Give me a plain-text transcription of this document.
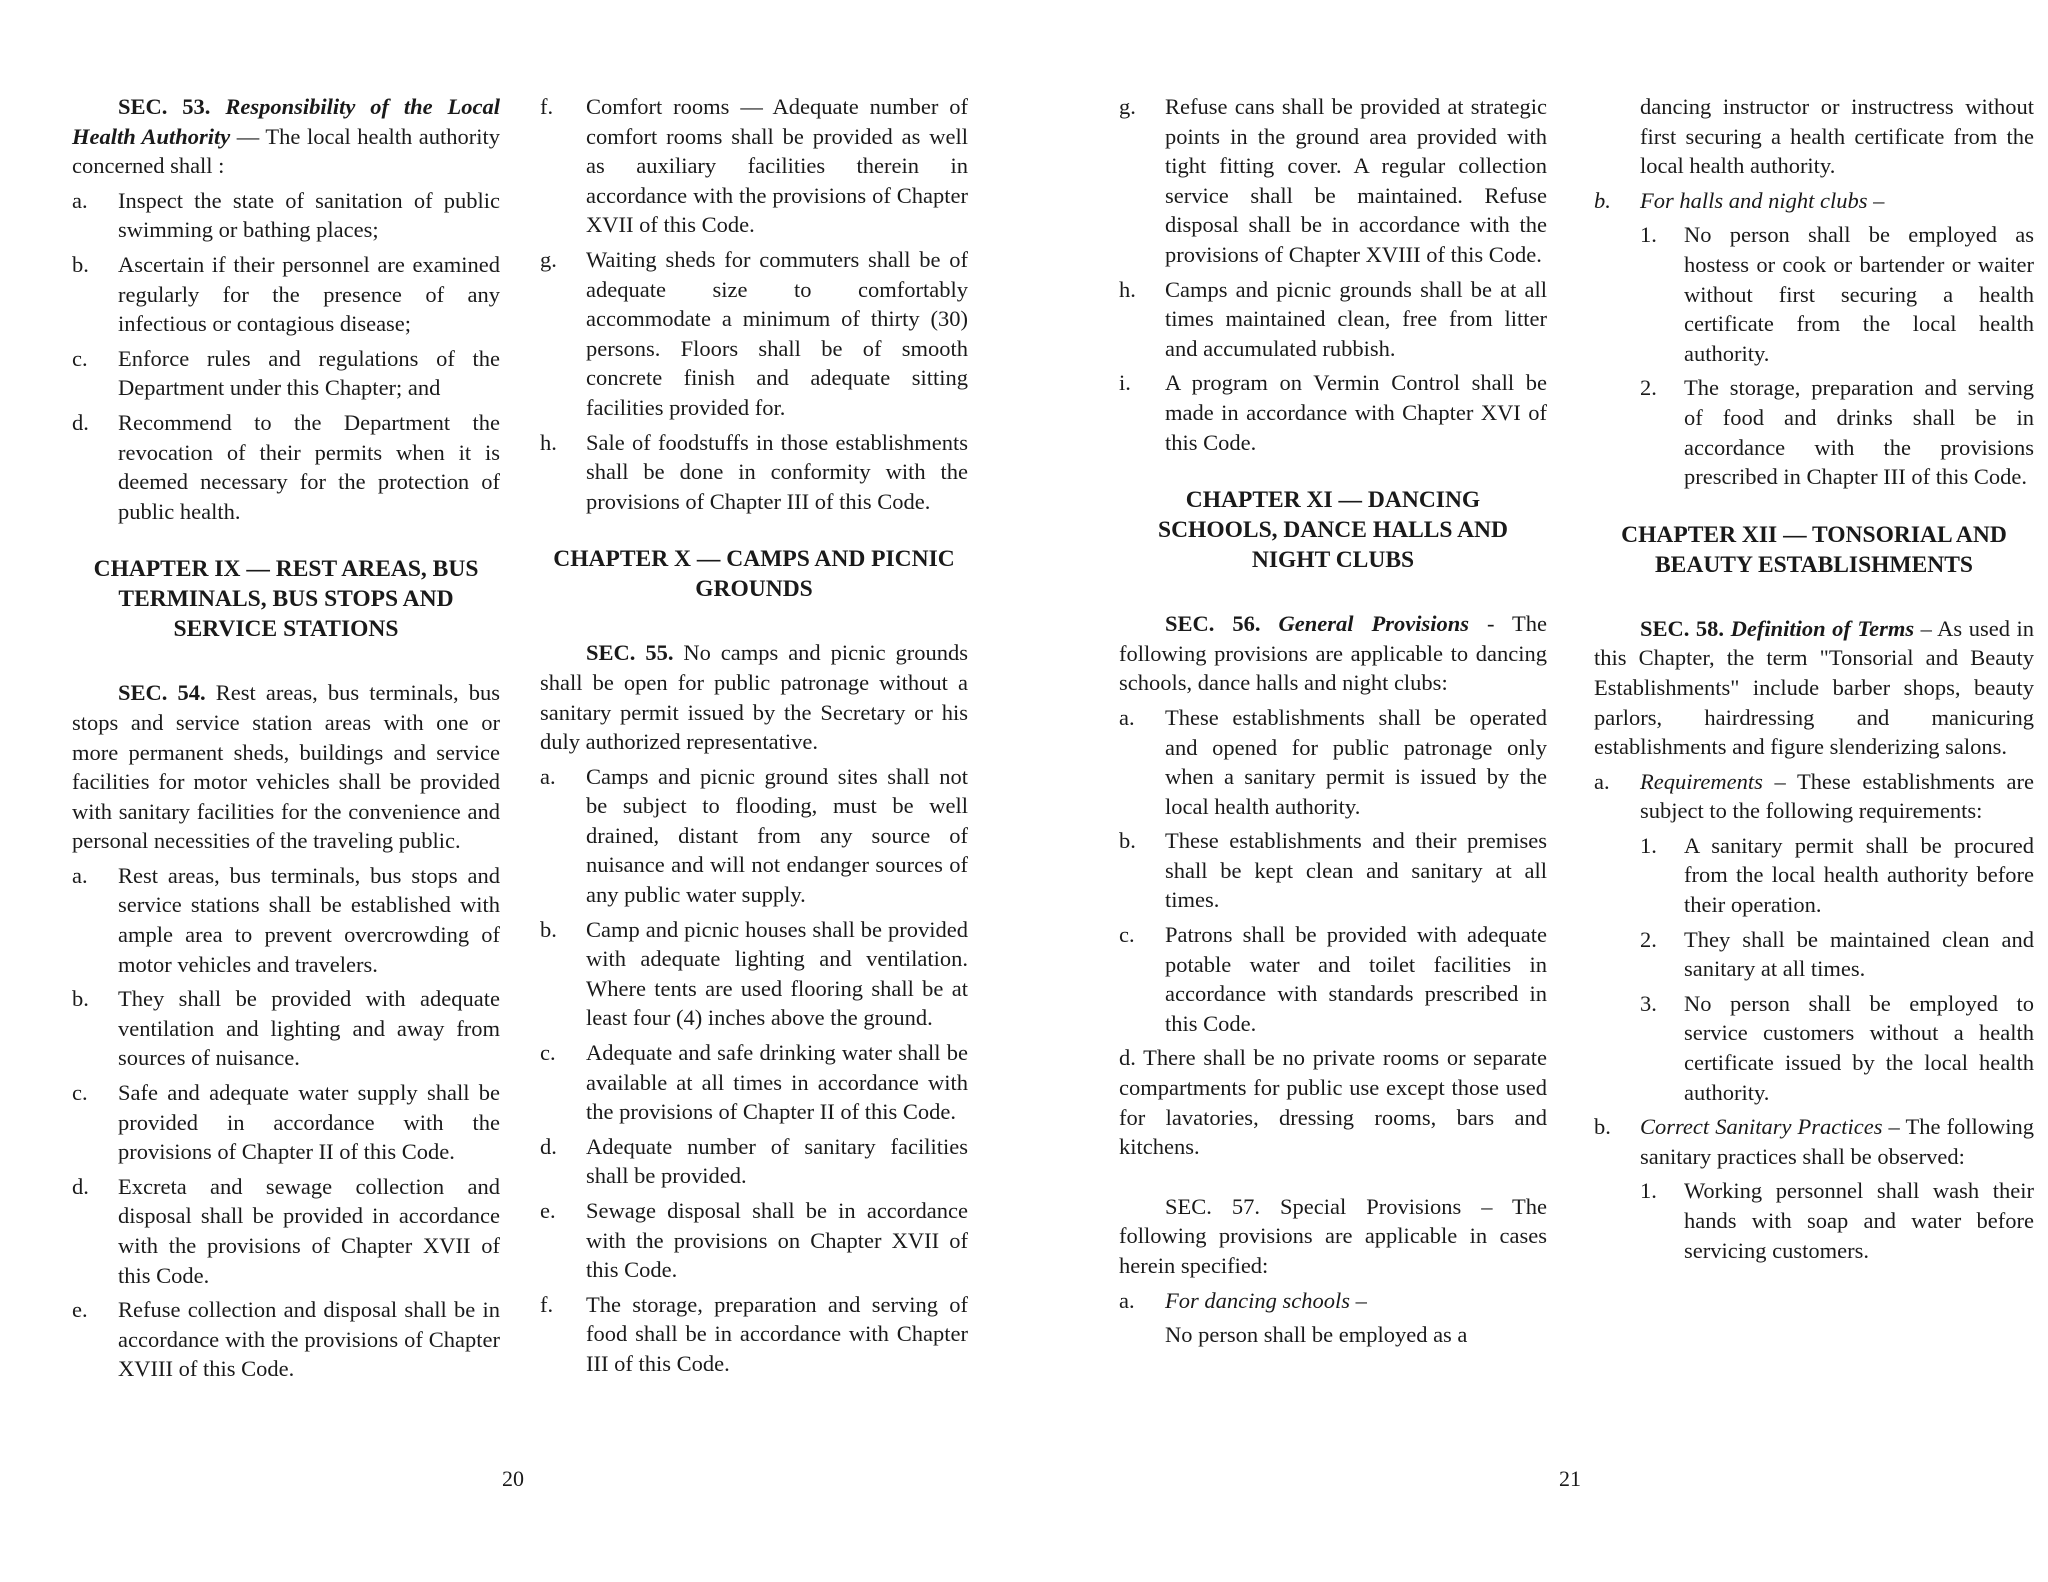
SEC. 53. Responsibility of the Local Health Authority — The local health authority concerned shall :

a.	Inspect the state of sanitation of public swimming or bathing places;
b.	Ascertain if their personnel are examined regularly for the presence of any infectious or contagious disease;
c.	Enforce rules and regulations of the Department under this Chapter; and
d.	Recommend to the Department the revocation of their permits when it is deemed necessary for the protection of public health.
CHAPTER IX — REST AREAS, BUS TERMINALS, BUS STOPS AND SERVICE STATIONS

SEC. 54. Rest areas, bus terminals, bus stops and service station areas with one or more permanent sheds, buildings and service facilities for motor vehicles shall be provided with sanitary facilities for the convenience and personal necessities of the traveling public.

a.	Rest areas, bus terminals, bus stops and service stations shall be established with ample area to prevent overcrowding of motor vehicles and travelers.
b.	They shall be provided with adequate ventilation and lighting and away from sources of nuisance.
c.	Safe and adequate water supply shall be provided in accordance with the provisions of Chapter II of this Code.
d.	Excreta and sewage collection and disposal shall be provided in accordance with the provisions of Chapter XVII of this Code.
e.	Refuse collection and disposal shall be in accordance with the provisions of Chapter XVIII of this Code.
f.	Comfort rooms — Adequate number of comfort rooms shall be provided as well as auxiliary facilities therein in accordance with the provisions of Chapter XVII of this Code.
g.	Waiting sheds for commuters shall be of adequate size to comfortably accommodate a minimum of thirty (30) persons. Floors shall be of smooth concrete finish and adequate sitting facilities provided for.
h.	Sale of foodstuffs in those establishments shall be done in conformity with the provisions of Chapter III of this Code.
CHAPTER X — CAMPS AND PICNIC GROUNDS

SEC. 55. No camps and picnic grounds shall be open for public patronage without a sanitary permit issued by the Secretary or his duly authorized representative.

a.	Camps and picnic ground sites shall not be subject to flooding, must be well drained, distant from any source of nuisance and will not endanger sources of any public water supply.
b.	Camp and picnic houses shall be provided with adequate lighting and ventilation. Where tents are used flooring shall be at least four (4) inches above the ground.
c.	Adequate and safe drinking water shall be available at all times in accordance with the provisions of Chapter II of this Code.
d.	Adequate number of sanitary facilities shall be provided.
e.	Sewage disposal shall be in accordance with the provisions on Chapter XVII of this Code.
f.	The storage, preparation and serving of food shall be in accordance with Chapter III of this Code.
20
g.	Refuse cans shall be provided at strategic points in the ground area provided with tight fitting cover. A regular collection service shall be maintained. Refuse disposal shall be in accordance with the provisions of Chapter XVIII of this Code.
h.	Camps and picnic grounds shall be at all times maintained clean, free from litter and accumulated rubbish.
i.	A program on Vermin Control shall be made in accordance with Chapter XVI of this Code.
CHAPTER XI — DANCING SCHOOLS, DANCE HALLS AND NIGHT CLUBS

SEC. 56. General Provisions - The following provisions are applicable to dancing schools, dance halls and night clubs:

a.	These establishments shall be operated and opened for public patronage only when a sanitary permit is issued by the local health authority.
b.	These establishments and their premises shall be kept clean and sanitary at all times.
c.	Patrons shall be provided with adequate potable water and toilet facilities in accordance with standards prescribed in this Code.

d. There shall be no private rooms or separate compartments for public use except those used for lavatories, dressing rooms, bars and kitchens.

SEC. 57. Special Provisions – The following provisions are applicable in cases herein specified:

a.	For dancing schools –

No person shall be employed as a

dancing instructor or instructress without first securing a health certificate from the local health authority.

b.	For halls and night clubs –
1.	No person shall be employed as hostess or cook or bartender or waiter without first securing a health certificate from the local health authority.
2.	The storage, preparation and serving of food and drinks shall be in accordance with the provisions prescribed in Chapter III of this Code.
CHAPTER XII — TONSORIAL AND BEAUTY ESTABLISHMENTS

SEC. 58. Definition of Terms – As used in this Chapter, the term "Tonsorial and Beauty Establishments" include barber shops, beauty parlors, hairdressing and manicuring establishments and figure slenderizing salons.

a.	Requirements – These establishments are subject to the following requirements:
1.	A sanitary permit shall be procured from the local health authority before their operation.
2.	They shall be maintained clean and sanitary at all times.
3.	No person shall be employed to service customers without a health certificate issued by the local health authority.
b.	Correct Sanitary Practices – The following sanitary practices shall be observed:
1.	Working personnel shall wash their hands with soap and water before servicing customers.
21
